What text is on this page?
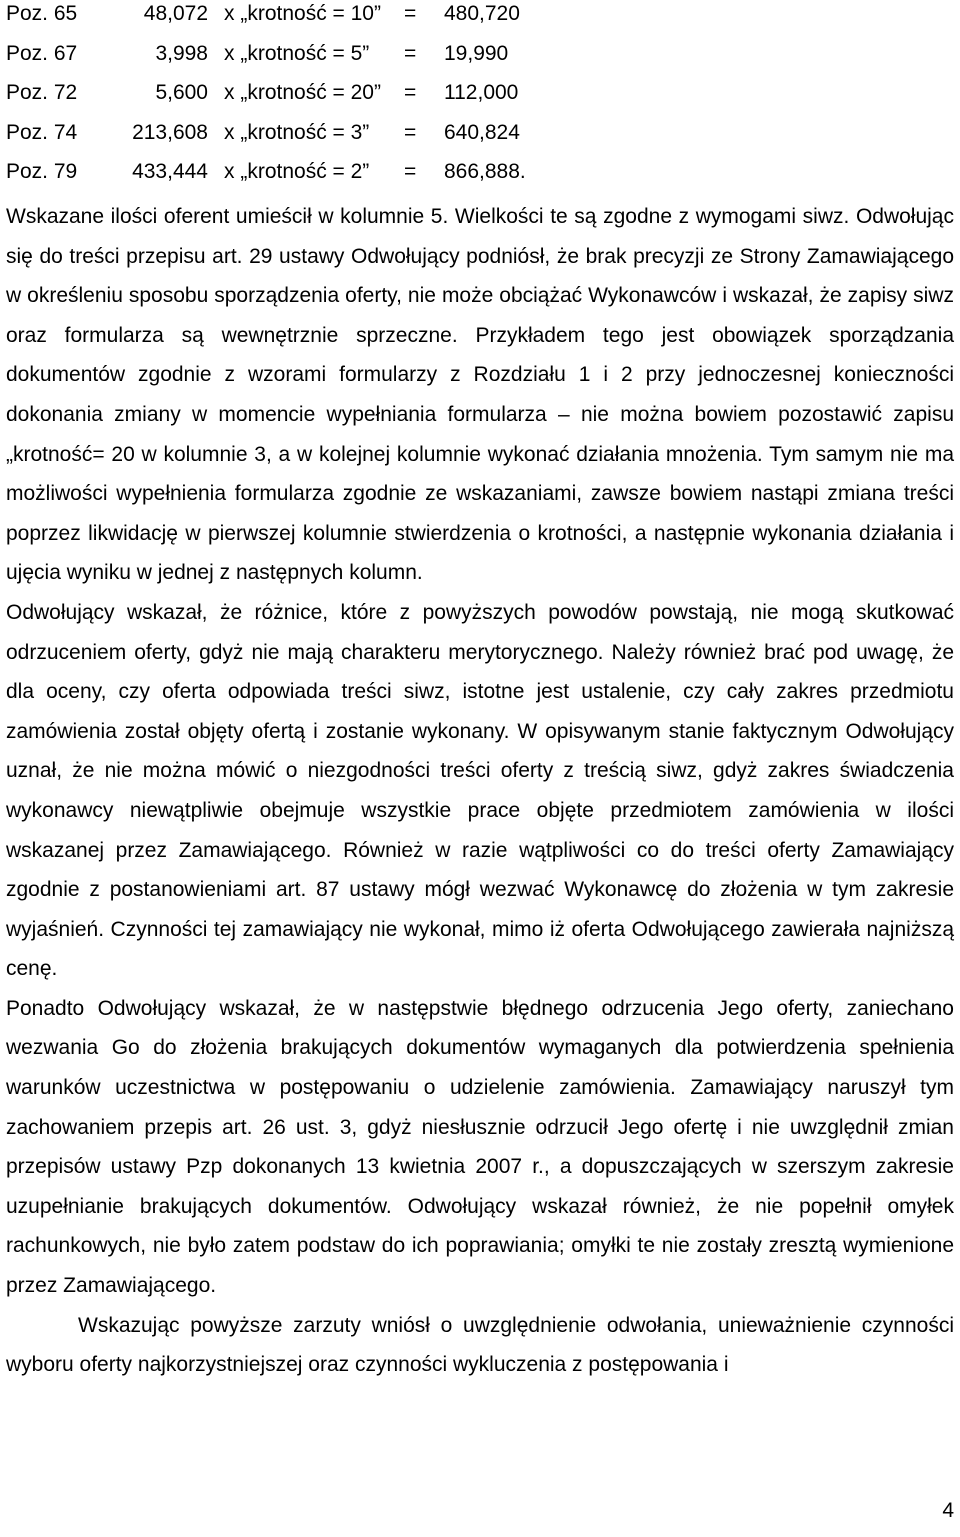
Poz. 65	48,072 x „krotność = 10” = 480,720
Poz. 67	3,998 x „krotność = 5” = 19,990
Poz. 72	5,600 x „krotność = 20” = 112,000
Poz. 74	213,608 x „krotność = 3” = 640,824
Poz. 79	433,444 x „krotność = 2” = 866,888.

Wskazane ilości oferent umieścił w kolumnie 5. Wielkości te są zgodne z wymogami siwz. Odwołując się do treści przepisu art. 29 ustawy Odwołujący podniósł, że brak precyzji ze Strony Zamawiającego w określeniu sposobu sporządzenia oferty, nie może obciążać Wykonawców i wskazał, że zapisy siwz oraz formularza są wewnętrznie sprzeczne. Przykładem tego jest obowiązek sporządzania dokumentów zgodnie z wzorami formularzy z Rozdziału 1 i 2 przy jednoczesnej konieczności dokonania zmiany w momencie wypełniania formularza – nie można bowiem pozostawić zapisu „krotność= 20 w kolumnie 3, a w kolejnej kolumnie wykonać działania mnożenia. Tym samym nie ma możliwości wypełnienia formularza zgodnie ze wskazaniami, zawsze bowiem nastąpi zmiana treści poprzez likwidację w pierwszej kolumnie stwierdzenia o krotności, a następnie wykonania działania i ujęcia wyniku w jednej z następnych kolumn.

Odwołujący wskazał, że różnice, które z powyższych powodów powstają, nie mogą skutkować odrzuceniem oferty, gdyż nie mają charakteru merytorycznego. Należy również brać pod uwagę, że dla oceny, czy oferta odpowiada treści siwz, istotne jest ustalenie, czy cały zakres przedmiotu zamówienia został objęty ofertą i zostanie wykonany. W opisywanym stanie faktycznym Odwołujący uznał, że nie można mówić o niezgodności treści oferty z treścią siwz, gdyż zakres świadczenia wykonawcy niewątpliwie obejmuje wszystkie prace objęte przedmiotem zamówienia w ilości wskazanej przez Zamawiającego. Również w razie wątpliwości co do treści oferty Zamawiający zgodnie z postanowieniami art. 87 ustawy mógł wezwać Wykonawcę do złożenia w tym zakresie wyjaśnień. Czynności tej zamawiający nie wykonał, mimo iż oferta Odwołującego zawierała najniższą cenę.

Ponadto Odwołujący wskazał, że w następstwie błędnego odrzucenia Jego oferty, zaniechano wezwania Go do złożenia brakujących dokumentów wymaganych dla potwierdzenia spełnienia warunków uczestnictwa w postępowaniu o udzielenie zamówienia. Zamawiający naruszył tym zachowaniem przepis art. 26 ust. 3, gdyż niesłusznie odrzucił Jego ofertę i nie uwzględnił zmian przepisów ustawy Pzp dokonanych 13 kwietnia 2007 r., a dopuszczających w szerszym zakresie uzupełnianie brakujących dokumentów. Odwołujący wskazał również, że nie popełnił omyłek rachunkowych, nie było zatem podstaw do ich poprawiania; omyłki te nie zostały zresztą wymienione przez Zamawiającego.

Wskazując powyższe zarzuty wniósł o uwzględnienie odwołania, unieważnienie czynności wyboru oferty najkorzystniejszej oraz czynności wykluczenia z postępowania i

4
